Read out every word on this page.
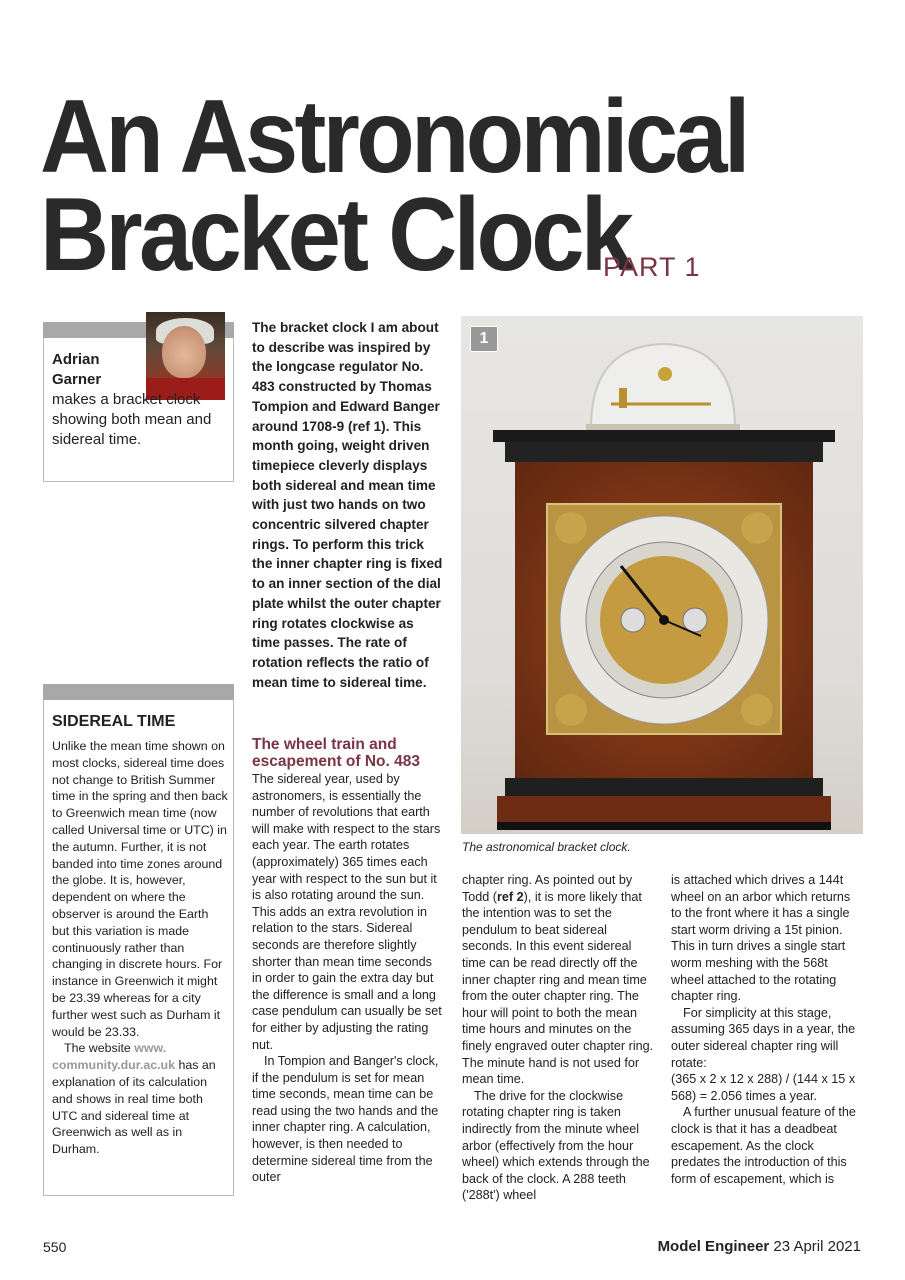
An Astronomical
Bracket Clock
PART 1
Adrian
Garner
makes a bracket clock showing both mean and sidereal time.
SIDEREAL TIME

Unlike the mean time shown on most clocks, sidereal time does not change to British Summer time in the spring and then back to Greenwich mean time (now called Universal time or UTC) in the autumn. Further, it is not banded into time zones around the globe. It is, however, dependent on where the observer is around the Earth but this variation is made continuously rather than changing in discrete hours. For instance in Greenwich it might be 23.39 whereas for a city further west such as Durham it would be 23.33.

The website www. community.dur.ac.uk has an explanation of its calculation and shows in real time both UTC and sidereal time at Greenwich as well as in Durham.

The bracket clock I am about to describe was inspired by the longcase regulator No. 483 constructed by Thomas Tompion and Edward Banger around 1708-9 (ref 1). This month going, weight driven timepiece cleverly displays both sidereal and mean time with just two hands on two concentric silvered chapter rings. To perform this trick the inner chapter ring is fixed to an inner section of the dial plate whilst the outer chapter ring rotates clockwise as time passes. The rate of rotation reflects the ratio of mean time to sidereal time.
The wheel train and escapement of No. 483

The sidereal year, used by astronomers, is essentially the number of revolutions that earth will make with respect to the stars each year. The earth rotates (approximately) 365 times each year with respect to the sun but it is also rotating around the sun. This adds an extra revolution in relation to the stars. Sidereal seconds are therefore slightly shorter than mean time seconds in order to gain the extra day but the difference is small and a long case pendulum can usually be set for either by adjusting the rating nut.

In Tompion and Banger's clock, if the pendulum is set for mean time seconds, mean time can be read using the two hands and the inner chapter ring. A calculation, however, is then needed to determine sidereal time from the outer

1
The astronomical bracket clock.

chapter ring. As pointed out by Todd (ref 2), it is more likely that the intention was to set the pendulum to beat sidereal seconds. In this event sidereal time can be read directly off the inner chapter ring and mean time from the outer chapter ring. The hour will point to both the mean time hours and minutes on the finely engraved outer chapter ring. The minute hand is not used for mean time.

The drive for the clockwise rotating chapter ring is taken indirectly from the minute wheel arbor (effectively from the hour wheel) which extends through the back of the clock. A 288 teeth ('288t') wheel

is attached which drives a 144t wheel on an arbor which returns to the front where it has a single start worm driving a 15t pinion. This in turn drives a single start worm meshing with the 568t wheel attached to the rotating chapter ring.

For simplicity at this stage, assuming 365 days in a year, the outer sidereal chapter ring will rotate:

(365 x 2 x 12 x 288) / (144 x 15 x 568) = 2.056 times a year.

A further unusual feature of the clock is that it has a deadbeat escapement. As the clock predates the introduction of this form of escapement, which is

550	Model Engineer 23 April 2021
